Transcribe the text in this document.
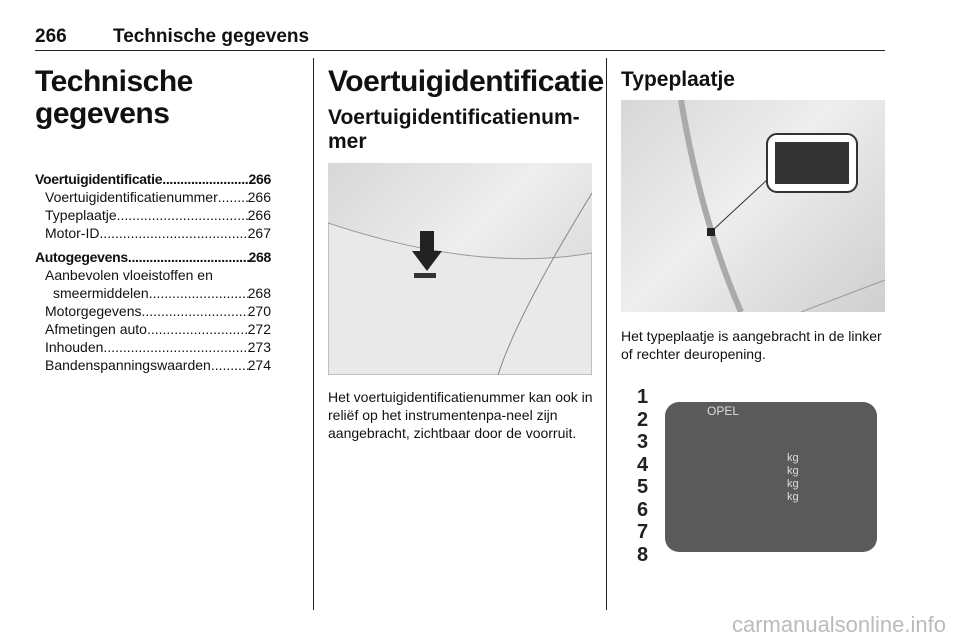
266 Technische gegevens
Technische gegevens
Voertuigidentificatie .....	266
Voertuigidentificatienummer ..... 266
Typeplaatje .....	266
Motor-ID .....	267
Autogegevens .....	268
Aanbevolen vloeistoffen en
smeermiddelen .....	268
Motorgegevens .....	270
Afmetingen auto .....	272
Inhouden .....	273
Bandenspanningswaarden .....	274
Voertuigidentificatie
Voertuigidentificatienum-mer

Het voertuigidentificatienummer kan ook in reliëf op het instrumentenpa-neel zijn aangebracht, zichtbaar door de voorruit.

Typeplaatje

Het typeplaatje is aangebracht in de linker of rechter deuropening.

OPEL
kg
kg
kg
kg
1
2
3
4
5
6
7
8
carmanualsonline.info
